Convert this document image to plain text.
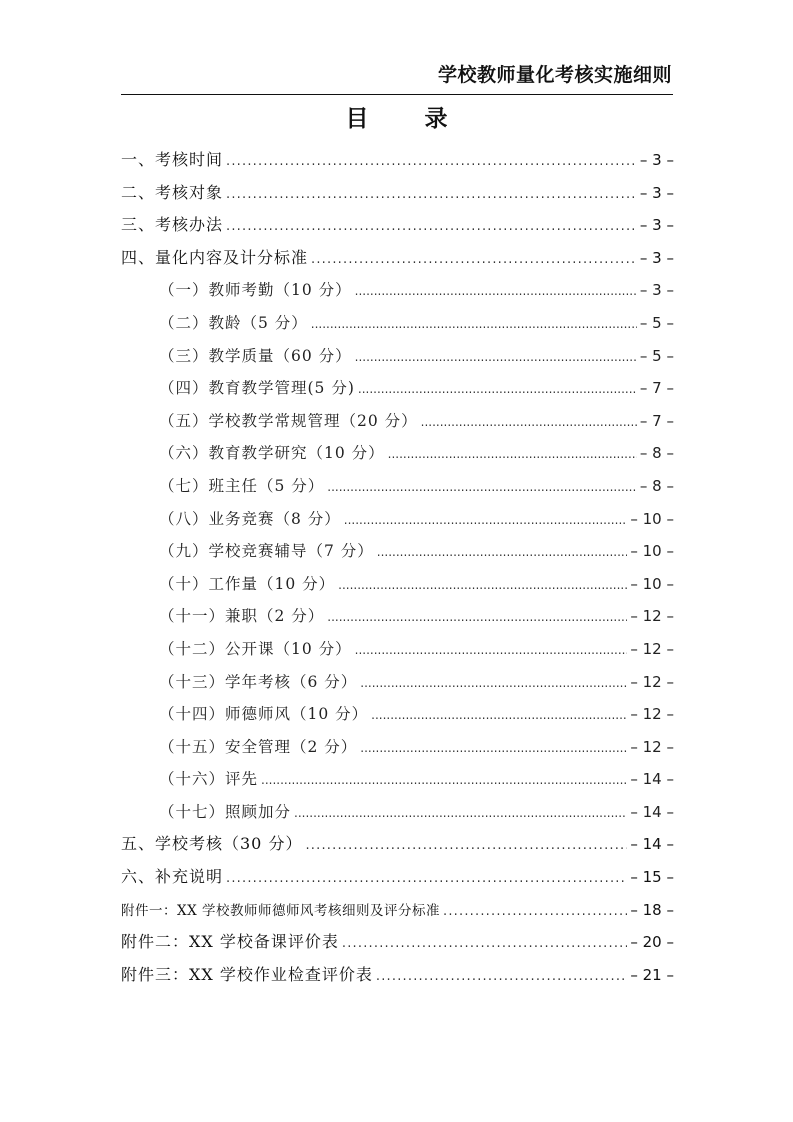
学校教师量化考核实施细则
目 录
一、考核时间 .....	– 3 –
二、考核对象 .....	– 3 –
三、考核办法 .....	– 3 –
四、量化内容及计分标准 .....	– 3 –
（一）教师考勤（10 分） .....	– 3 –
（二）教龄（5 分） .....	– 5 –
（三）教学质量（60 分） .....	– 5 –
（四）教育教学管理(5 分) .....	– 7 –
（五）学校教学常规管理（20 分） .....	– 7 –
（六）教育教学研究（10 分） .....	– 8 –
（七）班主任（5 分） .....	– 8 –
（八）业务竞赛（8 分） .....	– 10 –
（九）学校竞赛辅导（7 分） .....	– 10 –
（十）工作量（10 分） .....	– 10 –
（十一）兼职（2 分） .....	– 12 –
（十二）公开课（10 分） .....	– 12 –
（十三）学年考核（6 分） .....	– 12 –
（十四）师德师风（10 分） .....	– 12 –
（十五）安全管理（2 分） .....	– 12 –
（十六）评先 .....	– 14 –
（十七）照顾加分 .....	– 14 –
五、学校考核（30 分） .....	– 14 –
六、补充说明 .....	– 15 –
附件一：XX 学校教师师德师风考核细则及评分标准 .....	– 18 –
附件二：XX 学校备课评价表 .....	– 20 –
附件三：XX 学校作业检查评价表 .....	– 21 –
